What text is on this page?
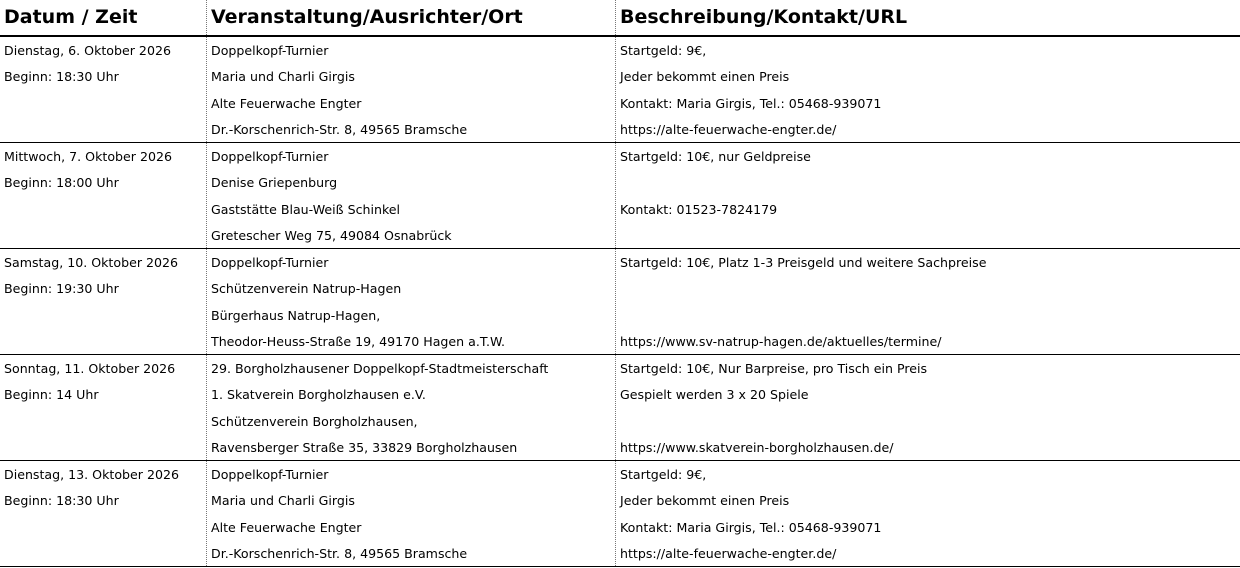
Datum / Zeit	Veranstaltung/Ausrichter/Ort	Beschreibung/Kontakt/URL
Dienstag, 6. Oktober 2026
Beginn: 18:30 Uhr
Doppelkopf-Turnier
Maria und Charli Girgis
Alte Feuerwache Engter
Dr.-Korschenrich-Str. 8, 49565 Bramsche
Startgeld: 9€,
Jeder bekommt einen Preis
Kontakt: Maria Girgis, Tel.: 05468-939071
https://alte-feuerwache-engter.de/
Mittwoch, 7. Oktober 2026
Beginn: 18:00 Uhr
Doppelkopf-Turnier
Denise Griepenburg
Gaststätte Blau-Weiß Schinkel
Gretescher Weg 75, 49084 Osnabrück
Startgeld: 10€, nur Geldpreise
Kontakt: 01523-7824179
Samstag, 10. Oktober 2026
Beginn: 19:30 Uhr
Doppelkopf-Turnier
Schützenverein Natrup-Hagen
Bürgerhaus Natrup-Hagen,
Theodor-Heuss-Straße 19, 49170 Hagen a.T.W.
Startgeld: 10€, Platz 1-3 Preisgeld und weitere Sachpreise
https://www.sv-natrup-hagen.de/aktuelles/termine/
Sonntag, 11. Oktober 2026
Beginn: 14 Uhr
29. Borgholzhausener Doppelkopf-Stadtmeisterschaft
1. Skatverein Borgholzhausen e.V.
Schützenverein Borgholzhausen,
Ravensberger Straße 35, 33829 Borgholzhausen
Startgeld: 10€, Nur Barpreise, pro Tisch ein Preis
Gespielt werden 3 x 20 Spiele
https://www.skatverein-borgholzhausen.de/
Dienstag, 13. Oktober 2026
Beginn: 18:30 Uhr
Doppelkopf-Turnier
Maria und Charli Girgis
Alte Feuerwache Engter
Dr.-Korschenrich-Str. 8, 49565 Bramsche
Startgeld: 9€,
Jeder bekommt einen Preis
Kontakt: Maria Girgis, Tel.: 05468-939071
https://alte-feuerwache-engter.de/
